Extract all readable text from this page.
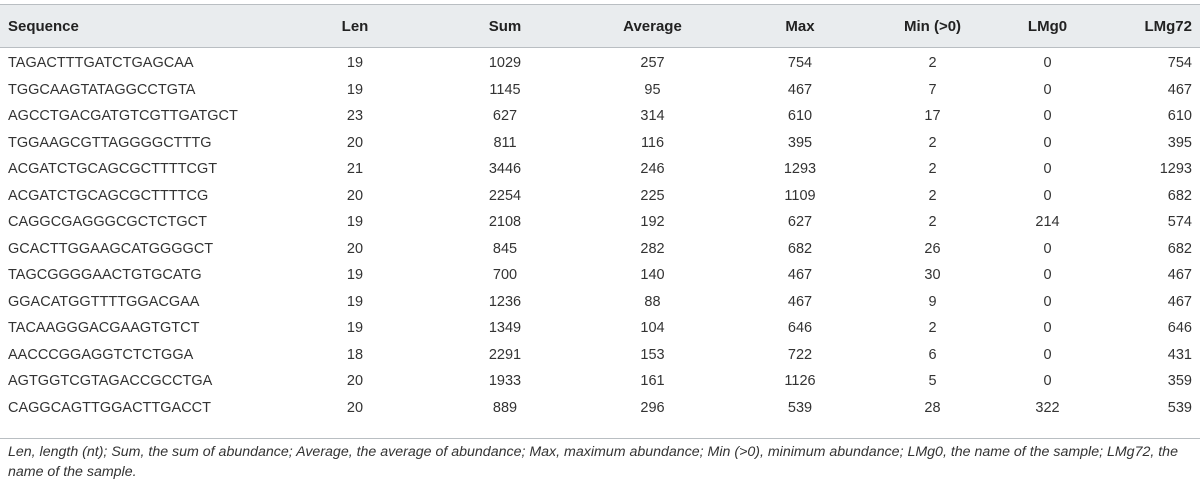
Sequence	Len	Sum	Average	Max	Min (>0)	LMg0	LMg72
TAGACTTTGATCTGAGCAA	19	1029	257	754	2	0	754
TGGCAAGTATAGGCCTGTA	19	1145	95	467	7	0	467
AGCCTGACGATGTCGTTGATGCT	23	627	314	610	17	0	610
TGGAAGCGTTAGGGGCTTTG	20	811	116	395	2	0	395
ACGATCTGCAGCGCTTTTCGT	21	3446	246	1293	2	0	1293
ACGATCTGCAGCGCTTTTCG	20	2254	225	1109	2	0	682
CAGGCGAGGGCGCTCTGCT	19	2108	192	627	2	214	574
GCACTTGGAAGCATGGGGCT	20	845	282	682	26	0	682
TAGCGGGGAACTGTGCATG	19	700	140	467	30	0	467
GGACATGGTTTTGGACGAA	19	1236	88	467	9	0	467
TACAAGGGACGAAGTGTCT	19	1349	104	646	2	0	646
AACCCGGAGGTCTCTGGA	18	2291	153	722	6	0	431
AGTGGTCGTAGACCGCCTGA	20	1933	161	1126	5	0	359
CAGGCAGTTGGACTTGACCT	20	889	296	539	28	322	539
Len, length (nt); Sum, the sum of abundance; Average, the average of abundance; Max, maximum abundance; Min (>0), minimum abundance; LMg0, the name of the sample; LMg72, the name of the sample.
